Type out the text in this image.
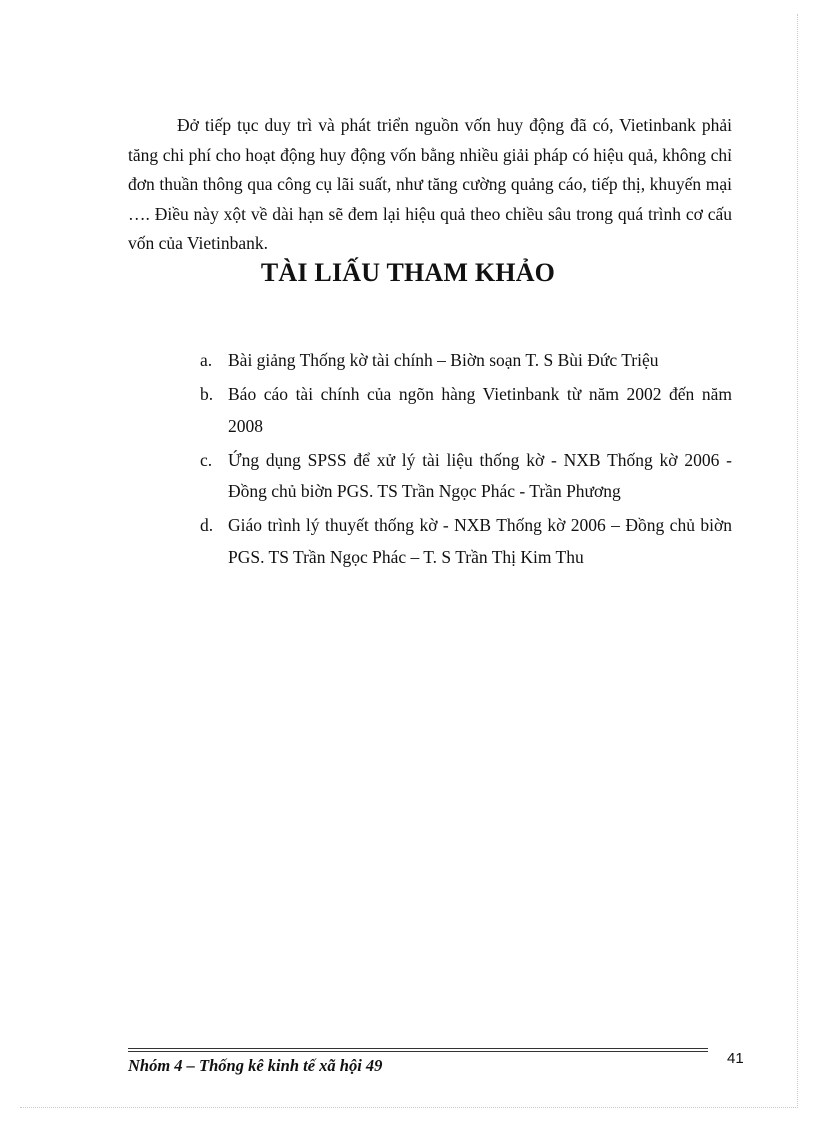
Đở tiếp tục duy trì và phát triển nguồn vốn huy động đã có, Vietinbank phải tăng chi phí cho hoạt động huy động vốn bằng nhiều giải pháp có hiệu quả, không chỉ đơn thuần thông qua công cụ lãi suất, như tăng cường quảng cáo, tiếp thị, khuyến mại …. Điều này xột về dài hạn sẽ đem lại hiệu quả theo chiều sâu trong quá trình cơ cấu vốn của Vietinbank.

TÀI LIẤU THAM KHẢO
a. Bài giảng Thống kờ tài chính – Biờn soạn T. S Bùi Đức Triệu
b. Báo cáo tài chính của ngõn hàng Vietinbank từ năm 2002 đến năm 2008
c. Ứng dụng SPSS để xử lý tài liệu thống kờ - NXB Thống kờ 2006 - Đồng chủ biờn PGS. TS Trần Ngọc Phác - Trần Phương
d. Giáo trình lý thuyết thống kờ - NXB Thống kờ 2006 – Đồng chủ biờn PGS. TS Trần Ngọc Phác – T. S Trần Thị Kim Thu
Nhóm 4 – Thống kê kinh tế xã hội 49	41
